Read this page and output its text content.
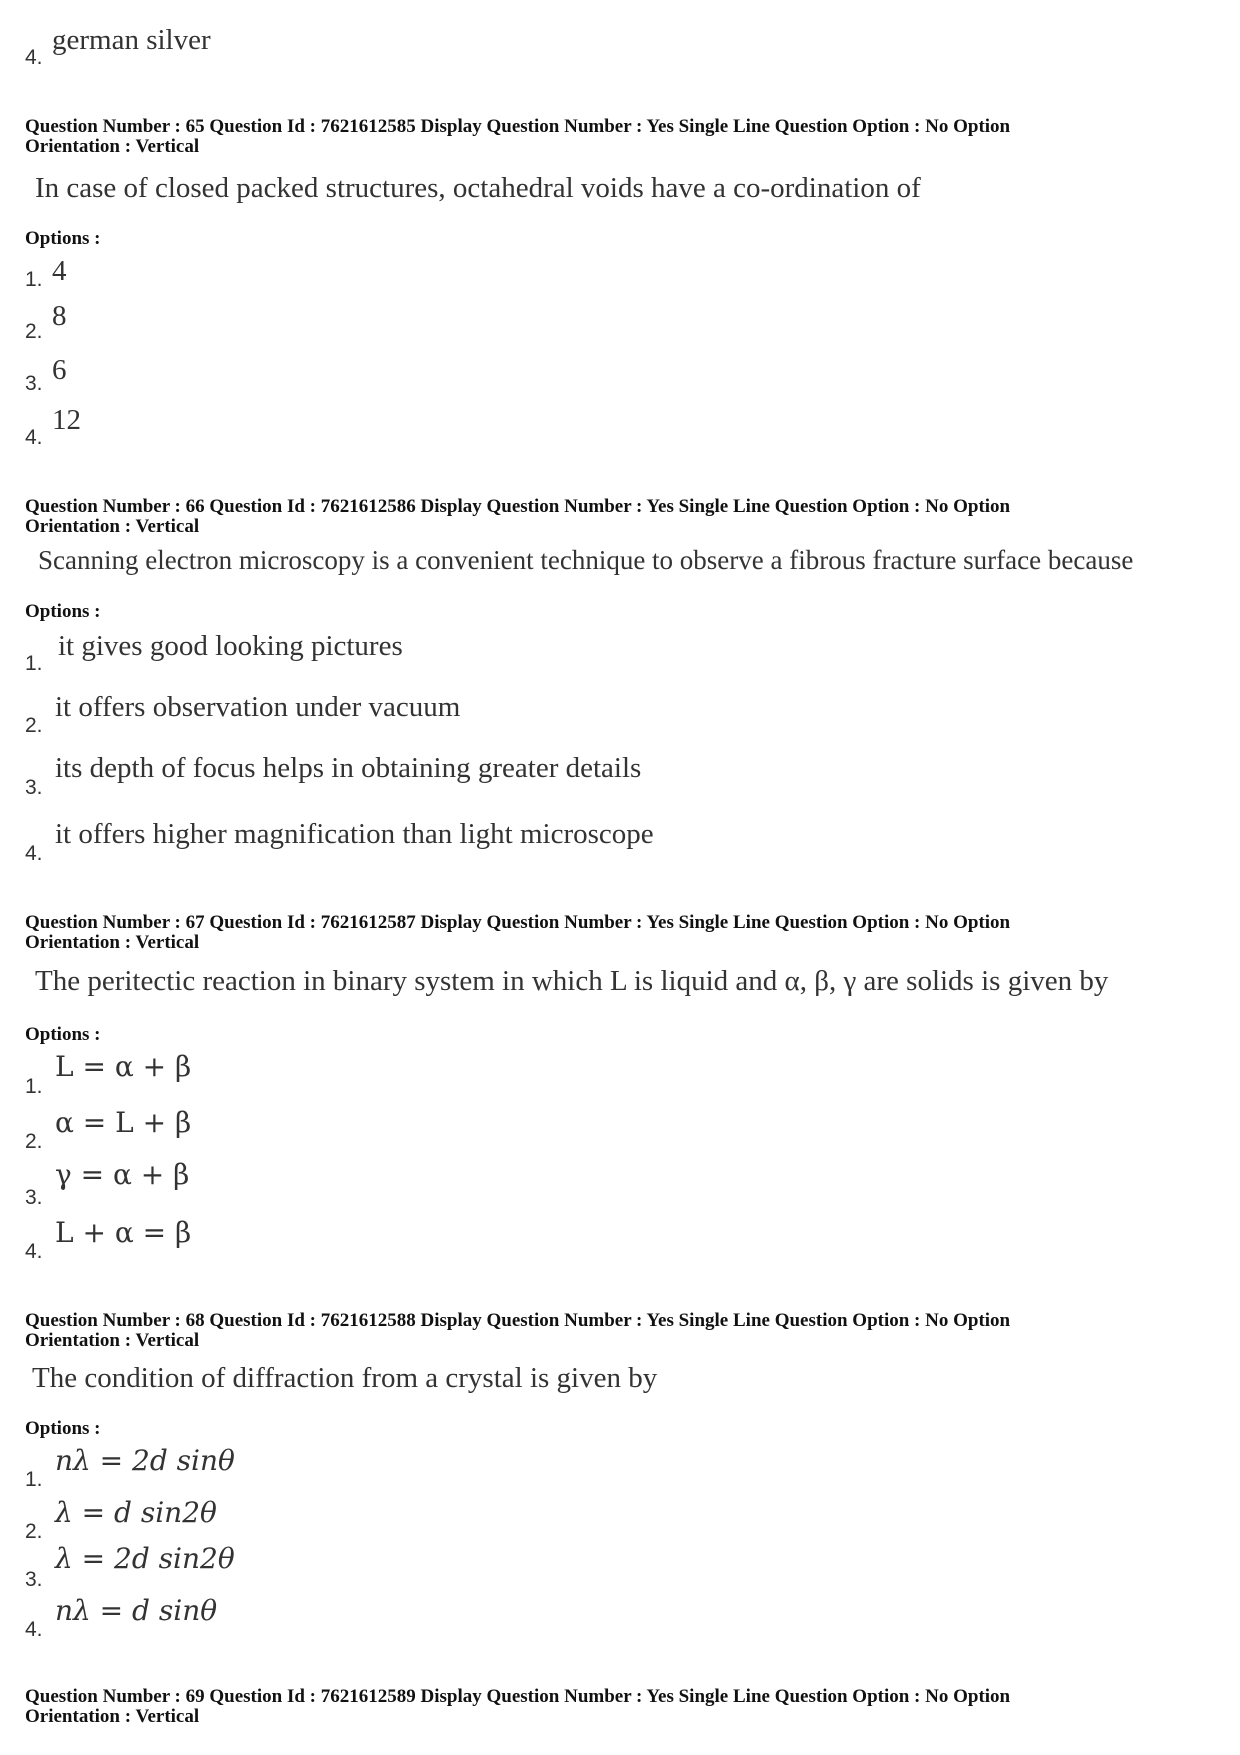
4.
german silver
Question Number : 65 Question Id : 7621612585 Display Question Number : Yes Single Line Question Option : No Option
Orientation : Vertical
In case of closed packed structures, octahedral voids have a co-ordination of
Options :
1. 4
2. 8
3. 6
4.
12
Question Number : 66 Question Id : 7621612586 Display Question Number : Yes Single Line Question Option : No Option
Orientation : Vertical
Scanning electron microscopy is a convenient technique to observe a fibrous fracture surface because
Options :
1.
it gives good looking pictures
2.
it offers observation under vacuum
3.
its depth of focus helps in obtaining greater details
4.
it offers higher magnification than light microscope
Question Number : 67 Question Id : 7621612587 Display Question Number : Yes Single Line Question Option : No Option
Orientation : Vertical
The peritectic reaction in binary system in which L is liquid and α, β, γ are solids is given by
Options :
1.
L = α + β
2.
α = L + β
3.
γ = α + β
4.
L + α = β
Question Number : 68 Question Id : 7621612588 Display Question Number : Yes Single Line Question Option : No Option
Orientation : Vertical
The condition of diffraction from a crystal is given by
Options :
1.
nλ = 2d sinθ
2.
λ = d sin2θ
3.
λ = 2d sin2θ
4.
nλ = d sinθ
Question Number : 69 Question Id : 7621612589 Display Question Number : Yes Single Line Question Option : No Option
Orientation : Vertical
